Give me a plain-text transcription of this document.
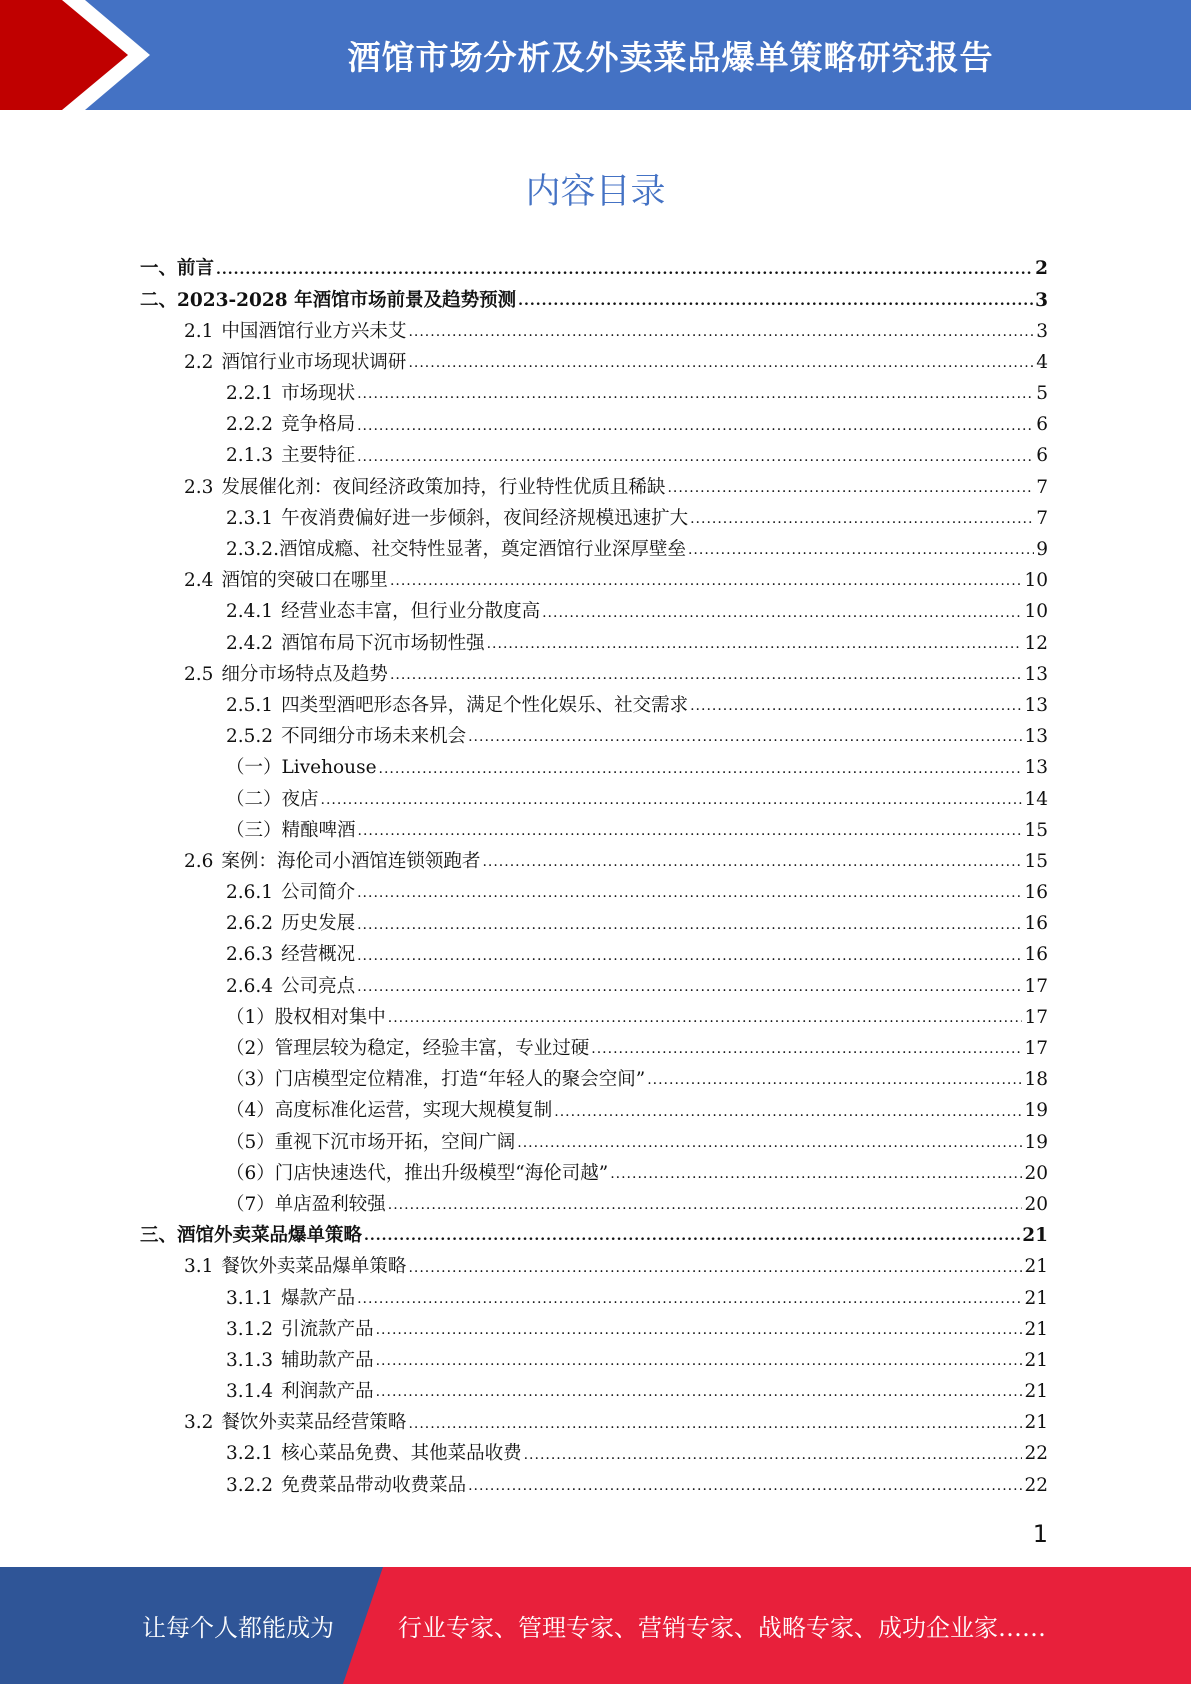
酒馆市场分析及外卖菜品爆单策略研究报告
内容目录
一、 前言 .....	2
二、 2023-2028 年酒馆市场前景及趋势预测 .....	3
2.1 中国酒馆行业方兴未艾 .....	3
2.2 酒馆行业市场现状调研 .....	4
2.2.1 市场现状 .....	5
2.2.2 竞争格局 .....	6
2.1.3 主要特征 .....	6
2.3 发展催化剂：夜间经济政策加持，行业特性优质且稀缺 .....	7
2.3.1 午夜消费偏好进一步倾斜，夜间经济规模迅速扩大 .....	7
2.3.2.酒馆成瘾、社交特性显著，奠定酒馆行业深厚壁垒 .....	9
2.4 酒馆的突破口在哪里 .....	10
2.4.1 经营业态丰富，但行业分散度高 .....	10
2.4.2 酒馆布局下沉市场韧性强 .....	12
2.5 细分市场特点及趋势 .....	13
2.5.1 四类型酒吧形态各异，满足个性化娱乐、社交需求 .....	13
2.5.2 不同细分市场未来机会 .....	13
（一）Livehouse .....	13
（二）夜店 .....	14
（三）精酿啤酒 .....	15
2.6 案例：海伦司小酒馆连锁领跑者 .....	15
2.6.1 公司简介 .....	16
2.6.2 历史发展 .....	16
2.6.3 经营概况 .....	16
2.6.4 公司亮点 .....	17
（1）股权相对集中 .....	17
（2）管理层较为稳定，经验丰富，专业过硬 .....	17
（3）门店模型定位精准，打造“年轻人的聚会空间” .....	18
（4）高度标准化运营，实现大规模复制 .....	19
（5）重视下沉市场开拓，空间广阔 .....	19
（6）门店快速迭代，推出升级模型“海伦司越” .....	20
（7）单店盈利较强 .....	20
三、 酒馆外卖菜品爆单策略 .....	21
3.1 餐饮外卖菜品爆单策略 .....	21
3.1.1 爆款产品 .....	21
3.1.2 引流款产品 .....	21
3.1.3 辅助款产品 .....	21
3.1.4 利润款产品 .....	21
3.2 餐饮外卖菜品经营策略 .....	21
3.2.1 核心菜品免费、其他菜品收费 .....	22
3.2.2 免费菜品带动收费菜品 .....	22
1
让每个人都能成为	行业专家、管理专家、营销专家、战略专家、成功企业家……
